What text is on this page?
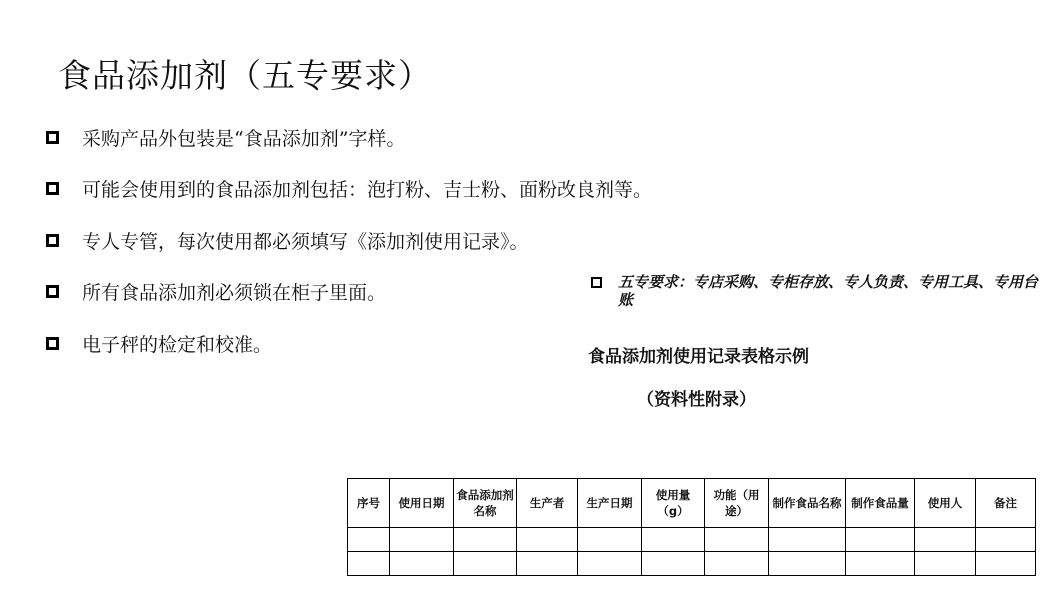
食品添加剂（五专要求）
采购产品外包装是“食品添加剂”字样。
可能会使用到的食品添加剂包括：泡打粉、吉士粉、面粉改良剂等。
专人专管，每次使用都必须填写《添加剂使用记录》。
所有食品添加剂必须锁在柜子里面。
电子秤的检定和校准。
五专要求：专店采购、专柜存放、专人负责、专用工具、专用台账
食品添加剂使用记录表格示例
（资料性附录）
序号	使用日期	食品添加剂名称	生产者	生产日期	使用量（g）	功能（用途）	制作食品名称	制作食品量	使用人	备注
